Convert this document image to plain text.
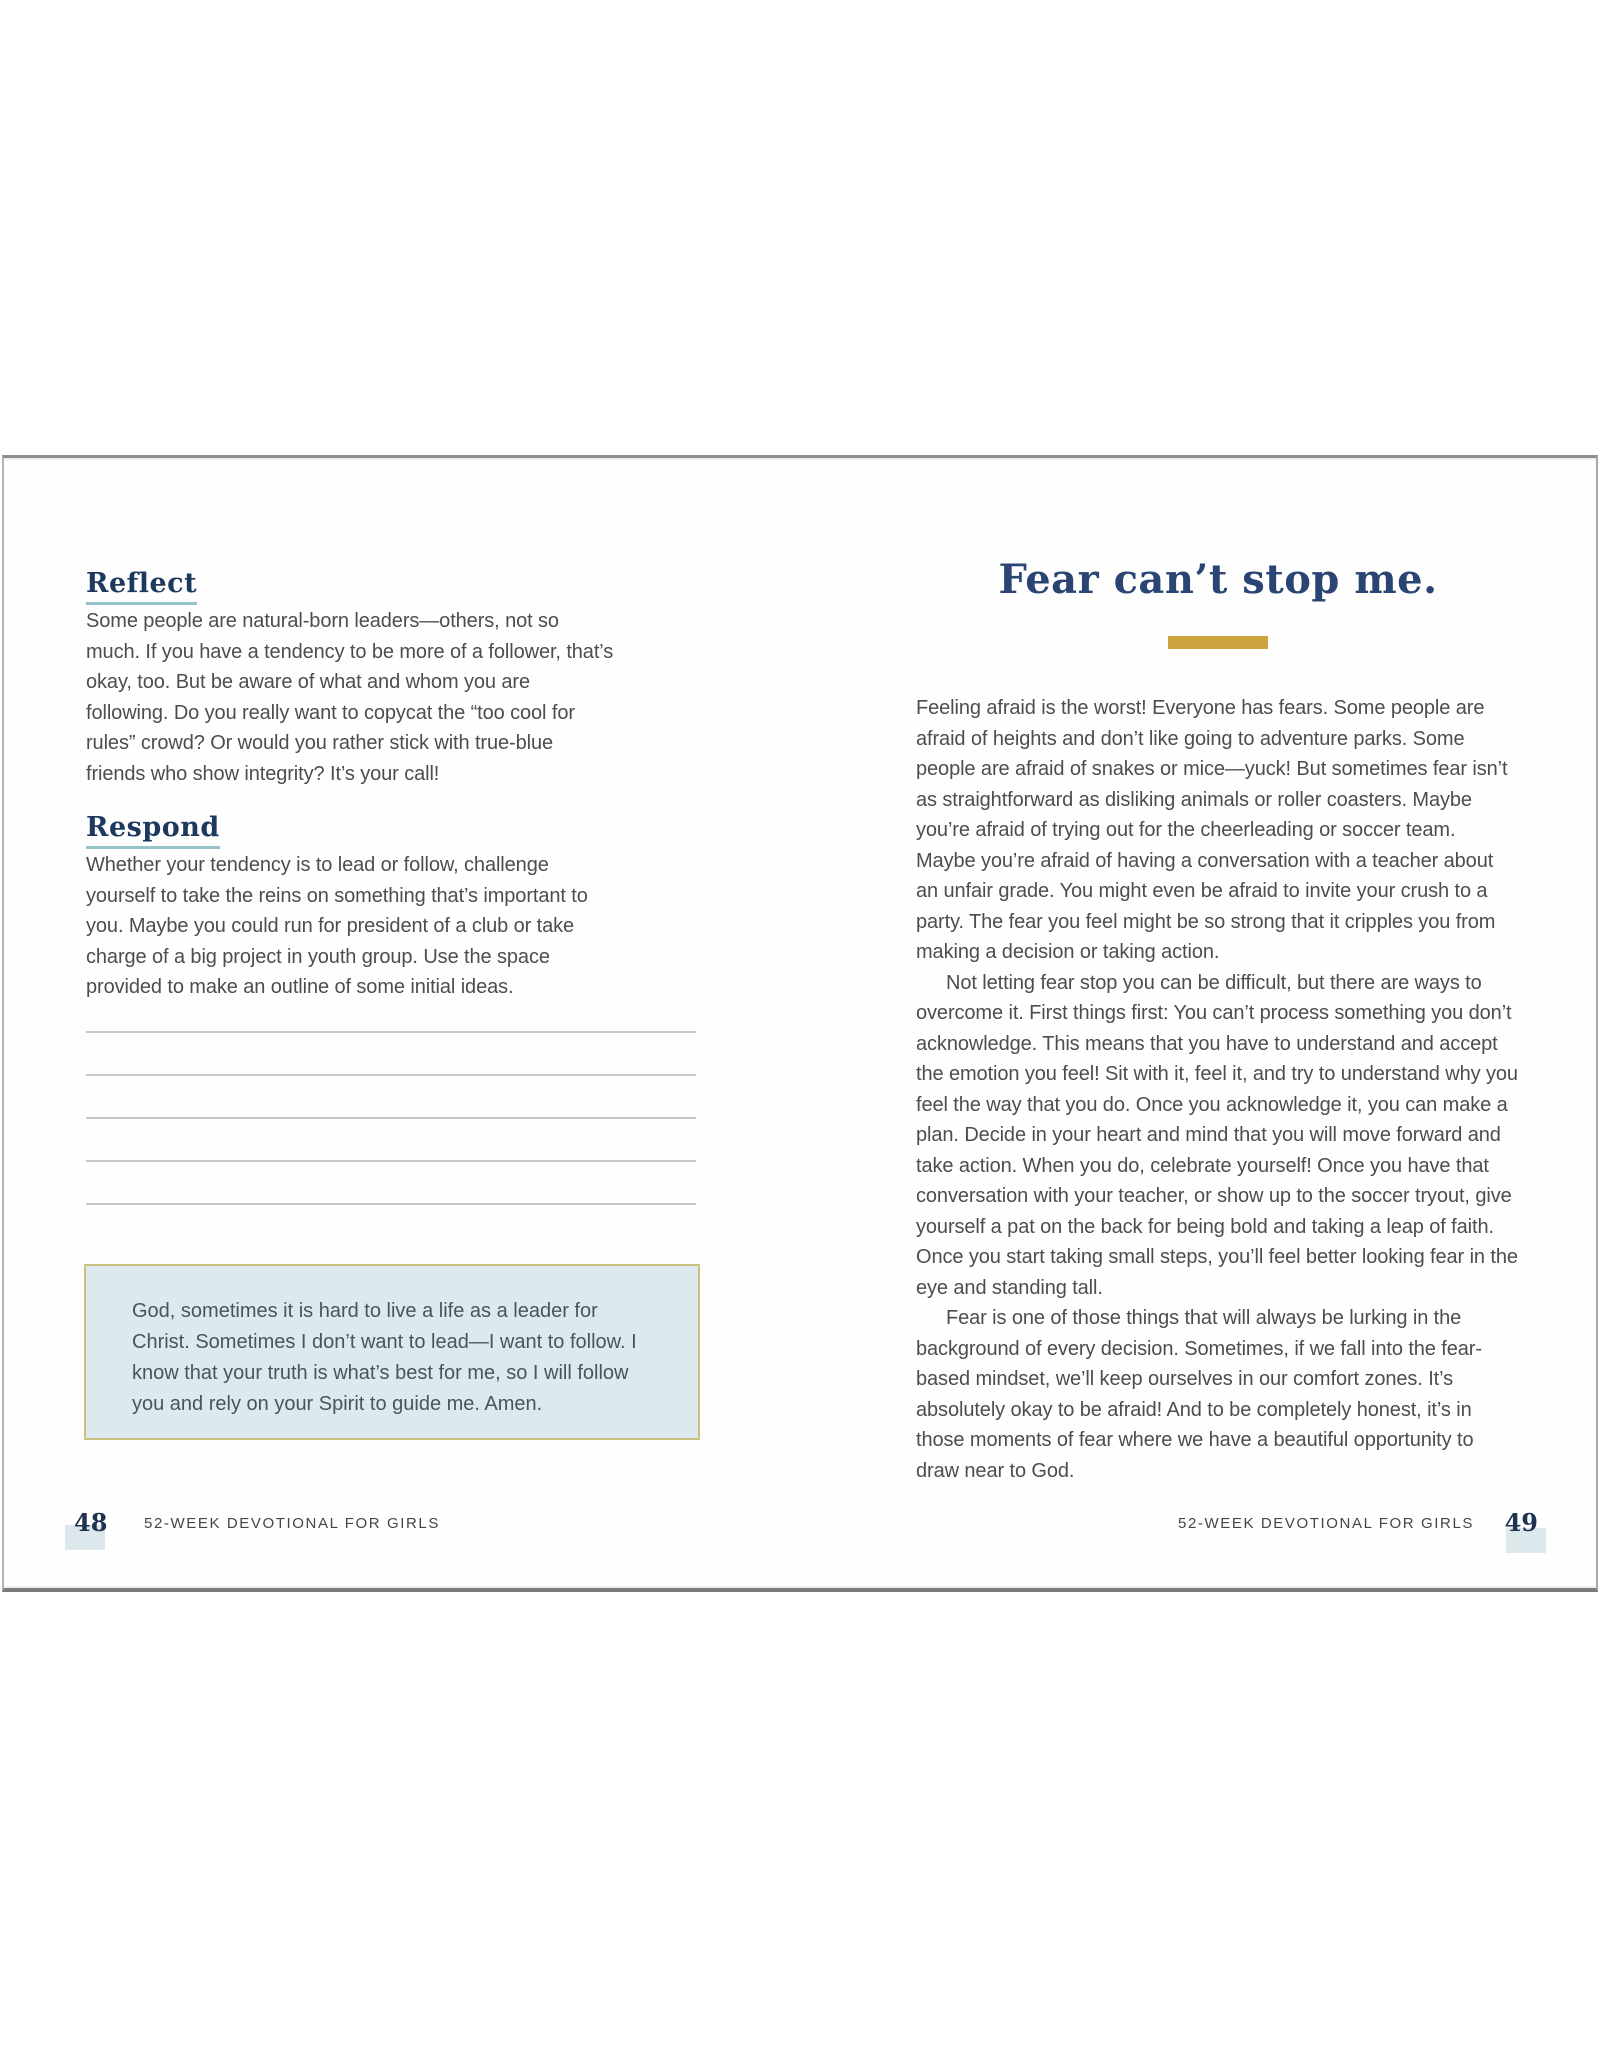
Reflect
Some people are natural-born leaders—others, not so much. If you have a tendency to be more of a follower, that’s okay, too. But be aware of what and whom you are following. Do you really want to copycat the “too cool for rules” crowd? Or would you rather stick with true-blue friends who show integrity? It’s your call!
Respond
Whether your tendency is to lead or follow, challenge yourself to take the reins on something that’s important to you. Maybe you could run for president of a club or take charge of a big project in youth group. Use the space provided to make an outline of some initial ideas.
God, sometimes it is hard to live a life as a leader for Christ. Sometimes I don’t want to lead—I want to follow. I know that your truth is what’s best for me, so I will follow you and rely on your Spirit to guide me. Amen.
48 52-WEEK DEVOTIONAL FOR GIRLS
Fear can’t stop me.

Feeling afraid is the worst! Everyone has fears. Some people are afraid of heights and don’t like going to adventure parks. Some people are afraid of snakes or mice—yuck! But sometimes fear isn’t as straightforward as disliking animals or roller coasters. Maybe you’re afraid of trying out for the cheerleading or soccer team. Maybe you’re afraid of having a conversation with a teacher about an unfair grade. You might even be afraid to invite your crush to a party. The fear you feel might be so strong that it cripples you from making a decision or taking action.

Not letting fear stop you can be difficult, but there are ways to overcome it. First things first: You can’t process something you don’t acknowledge. This means that you have to understand and accept the emotion you feel! Sit with it, feel it, and try to understand why you feel the way that you do. Once you acknowledge it, you can make a plan. Decide in your heart and mind that you will move forward and take action. When you do, celebrate yourself! Once you have that conversation with your teacher, or show up to the soccer tryout, give yourself a pat on the back for being bold and taking a leap of faith. Once you start taking small steps, you’ll feel better looking fear in the eye and standing tall.

Fear is one of those things that will always be lurking in the background of every decision. Sometimes, if we fall into the fear-based mindset, we’ll keep ourselves in our comfort zones. It’s absolutely okay to be afraid! And to be completely honest, it’s in those moments of fear where we have a beautiful opportunity to draw near to God.

49
52-WEEK DEVOTIONAL FOR GIRLS
